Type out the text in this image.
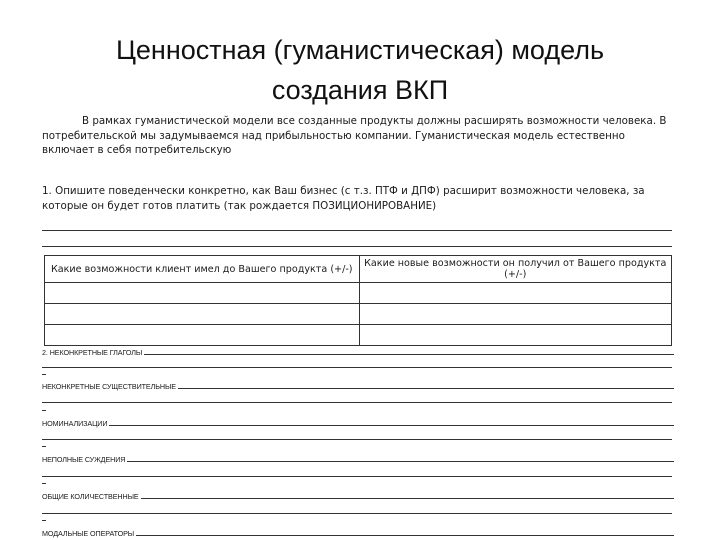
Ценностная (гуманистическая) модель
создания ВКП
В рамках гуманистической модели все созданные продукты должны расширять возможности человека. В
потребительской мы задумываемся над прибыльностью компании. Гуманистическая модель естественно
включает в себя потребительскую
1. Опишите поведенчески конкретно, как Ваш бизнес (с т.з. ПТФ и ДПФ) расширит возможности человека, за
которые он будет готов платить (так рождается ПОЗИЦИОНИРОВАНИЕ)
Какие возможности клиент имел до Вашего продукта (+/-)	Какие новые возможности он получил от Вашего продукта (+/-)

2. НЕКОНКРЕТНЫЕ ГЛАГОЛЫ
НЕКОНКРЕТНЫЕ СУЩЕСТВИТЕЛЬНЫЕ
НОМИНАЛИЗАЦИИ
НЕПОЛНЫЕ СУЖДЕНИЯ
ОБЩИЕ КОЛИЧЕСТВЕННЫЕ
МОДАЛЬНЫЕ ОПЕРАТОРЫ
